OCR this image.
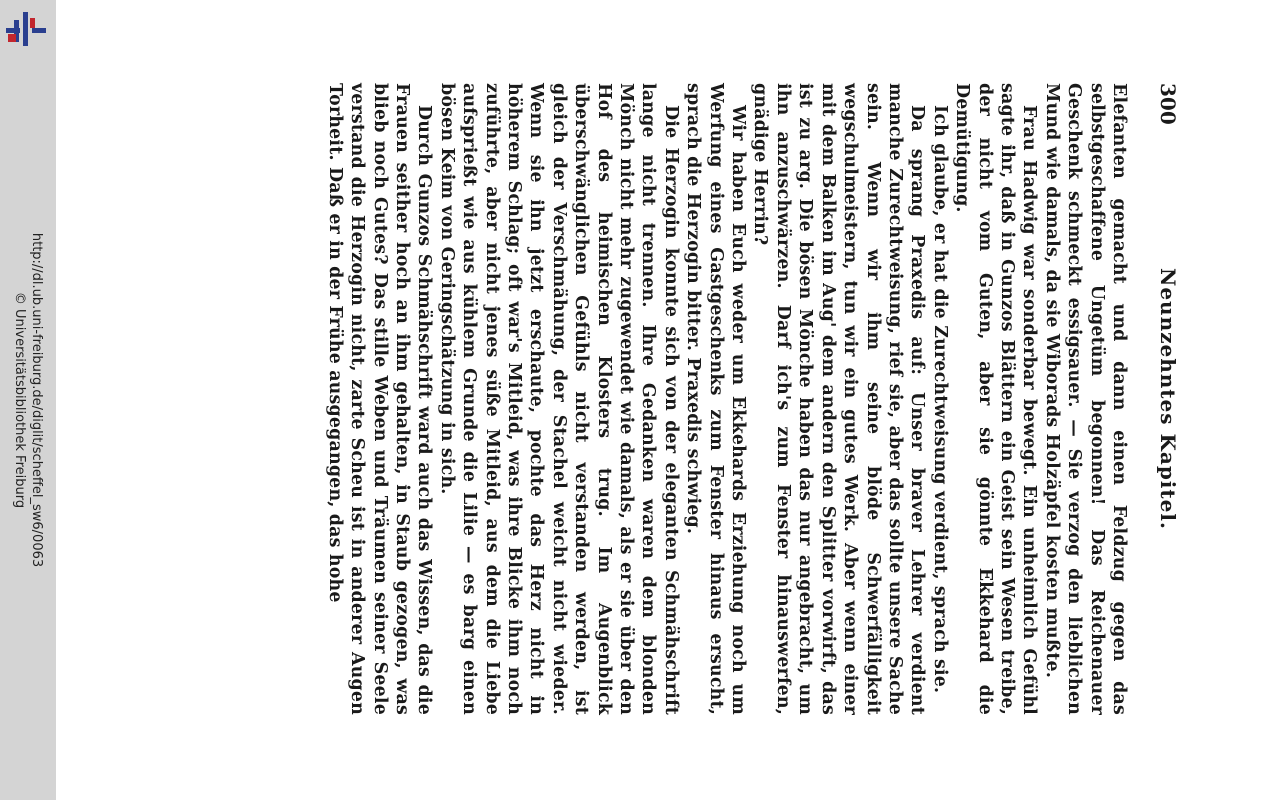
http://dl.ub.uni-freiburg.de/diglit/scheffel_sw6/0063
© Universitätsbibliothek Freiburg
300
Neunzehntes Kapitel.

Elefanten gemacht und dann einen Feldzug gegen das selbstgeschaffene Ungetüm begonnen! Das Reichenauer Geschenk schmeckt essigsauer. — Sie verzog den lieblichen Mund wie damals, da sie Wiborads Holzäpfel kosten mußte.

Frau Hadwig war sonderbar bewegt. Ein unheimlich Gefühl sagte ihr, daß in Gunzos Blättern ein Geist sein Wesen treibe, der nicht vom Guten, aber sie gönnte Ekkehard die Demütigung.

Ich glaube, er hat die Zurechtweisung verdient, sprach sie.

Da sprang Praxedis auf: Unser braver Lehrer verdient manche Zurechtweisung, rief sie, aber das sollte unsere Sache sein. Wenn wir ihm seine blöde Schwerfälligkeit wegschulmeistern, tun wir ein gutes Werk. Aber wenn einer mit dem Balken im Aug' dem andern den Splitter vorwirft, das ist zu arg. Die bösen Mönche haben das nur angebracht, um ihn anzuschwärzen. Darf ich's zum Fenster hinauswerfen, gnädige Herrin?

Wir haben Euch weder um Ekkehards Erziehung noch um Werfung eines Gastgeschenks zum Fenster hinaus ersucht, sprach die Herzogin bitter. Praxedis schwieg.

Die Herzogin konnte sich von der eleganten Schmähschrift lange nicht trennen. Ihre Gedanken waren dem blonden Mönch nicht mehr zugewendet wie damals, als er sie über den Hof des heimischen Klosters trug. Im Augenblick überschwänglichen Gefühls nicht verstanden werden, ist gleich der Verschmähung, der Stachel weicht nicht wieder. Wenn sie ihn jetzt erschaute, pochte das Herz nicht in höherem Schlag; oft war's Mitleid, was ihre Blicke ihm noch zuführte, aber nicht jenes süße Mitleid, aus dem die Liebe aufsprießt wie aus kühlem Grunde die Lilie — es barg einen bösen Keim von Geringschätzung in sich.

Durch Gunzos Schmähschrift ward auch das Wissen, das die Frauen seither hoch an ihm gehalten, in Staub gezogen, was blieb noch Gutes? Das stille Weben und Träumen seiner Seele verstand die Herzogin nicht, zarte Scheu ist in anderer Augen Torheit. Daß er in der Frühe ausgegangen, das hohe
